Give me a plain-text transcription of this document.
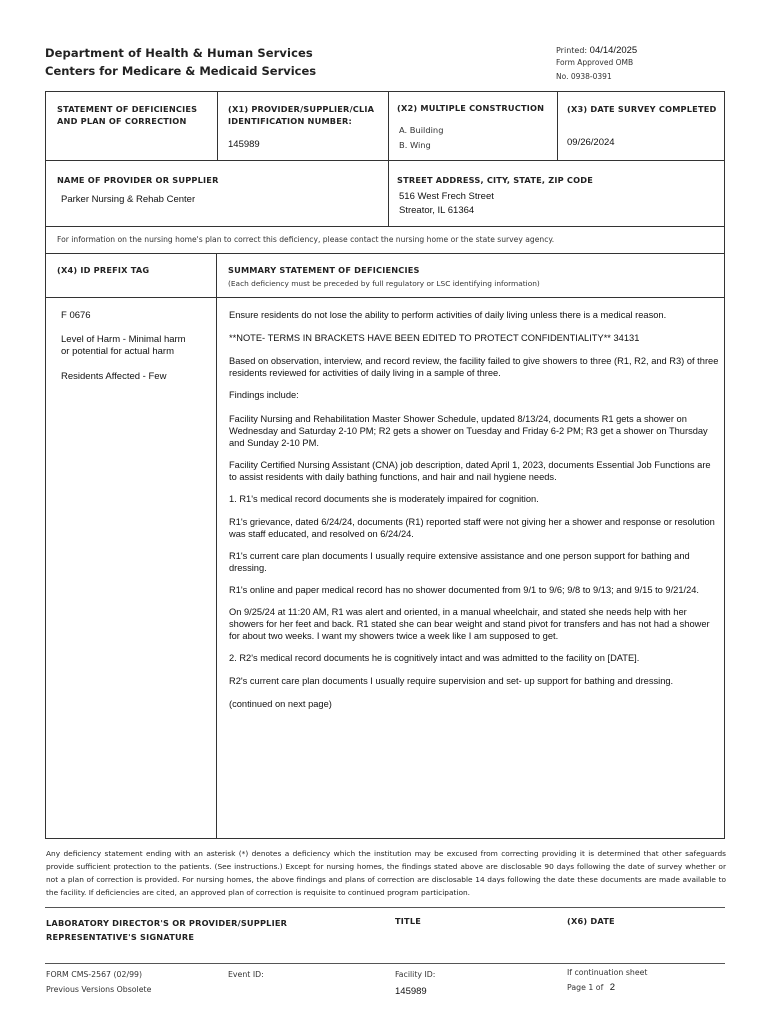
Department of Health & Human Services
Centers for Medicare & Medicaid Services
Printed: 04/14/2025
Form Approved OMB
No. 0938-0391
STATEMENT OF DEFICIENCIES AND PLAN OF CORRECTION
(X1) PROVIDER/SUPPLIER/CLIA IDENTIFICATION NUMBER:
145989
(X2) MULTIPLE CONSTRUCTION
A. Building
B. Wing
(X3) DATE SURVEY COMPLETED
09/26/2024
NAME OF PROVIDER OR SUPPLIER
Parker Nursing & Rehab Center
STREET ADDRESS, CITY, STATE, ZIP CODE
516 West Frech Street
Streator, IL 61364
For information on the nursing home's plan to correct this deficiency, please contact the nursing home or the state survey agency.
(X4) ID PREFIX TAG	SUMMARY STATEMENT OF DEFICIENCIES
(Each deficiency must be preceded by full regulatory or LSC identifying information)
F 0676
Level of Harm - Minimal harm
or potential for actual harm
Residents Affected - Few

Ensure residents do not lose the ability to perform activities of daily living unless there is a medical reason.

**NOTE- TERMS IN BRACKETS HAVE BEEN EDITED TO PROTECT CONFIDENTIALITY** 34131

Based on observation, interview, and record review, the facility failed to give showers to three (R1, R2, and R3) of three residents reviewed for activities of daily living in a sample of three.

Findings include:

Facility Nursing and Rehabilitation Master Shower Schedule, updated 8/13/24, documents R1 gets a shower on Wednesday and Saturday 2-10 PM; R2 gets a shower on Tuesday and Friday 6-2 PM; R3 get a shower on Thursday and Sunday 2-10 PM.

Facility Certified Nursing Assistant (CNA) job description, dated April 1, 2023, documents Essential Job Functions are to assist residents with daily bathing functions, and hair and nail hygiene needs.

1. R1's medical record documents she is moderately impaired for cognition.

R1's grievance, dated 6/24/24, documents (R1) reported staff were not giving her a shower and response or resolution was staff educated, and resolved on 6/24/24.

R1's current care plan documents I usually require extensive assistance and one person support for bathing and dressing.

R1's online and paper medical record has no shower documented from 9/1 to 9/6; 9/8 to 9/13; and 9/15 to 9/21/24.

On 9/25/24 at 11:20 AM, R1 was alert and oriented, in a manual wheelchair, and stated she needs help with her showers for her feet and back. R1 stated she can bear weight and stand pivot for transfers and has not had a shower for about two weeks. I want my showers twice a week like I am supposed to get.

2. R2's medical record documents he is cognitively intact and was admitted to the facility on [DATE].

R2's current care plan documents I usually require supervision and set- up support for bathing and dressing.

(continued on next page)

Any deficiency statement ending with an asterisk (*) denotes a deficiency which the institution may be excused from correcting providing it is determined that other safeguards provide sufficient protection to the patients. (See instructions.) Except for nursing homes, the findings stated above are disclosable 90 days following the date of survey whether or not a plan of correction is provided. For nursing homes, the above findings and plans of correction are disclosable 14 days following the date these documents are made available to the facility. If deficiencies are cited, an approved plan of correction is requisite to continued program participation.
LABORATORY DIRECTOR'S OR PROVIDER/SUPPLIER REPRESENTATIVE'S SIGNATURE
TITLE	(X6) DATE
FORM CMS-2567 (02/99)
Previous Versions Obsolete
Event ID:	Facility ID:
145989
If continuation sheet
Page 1 of 2
